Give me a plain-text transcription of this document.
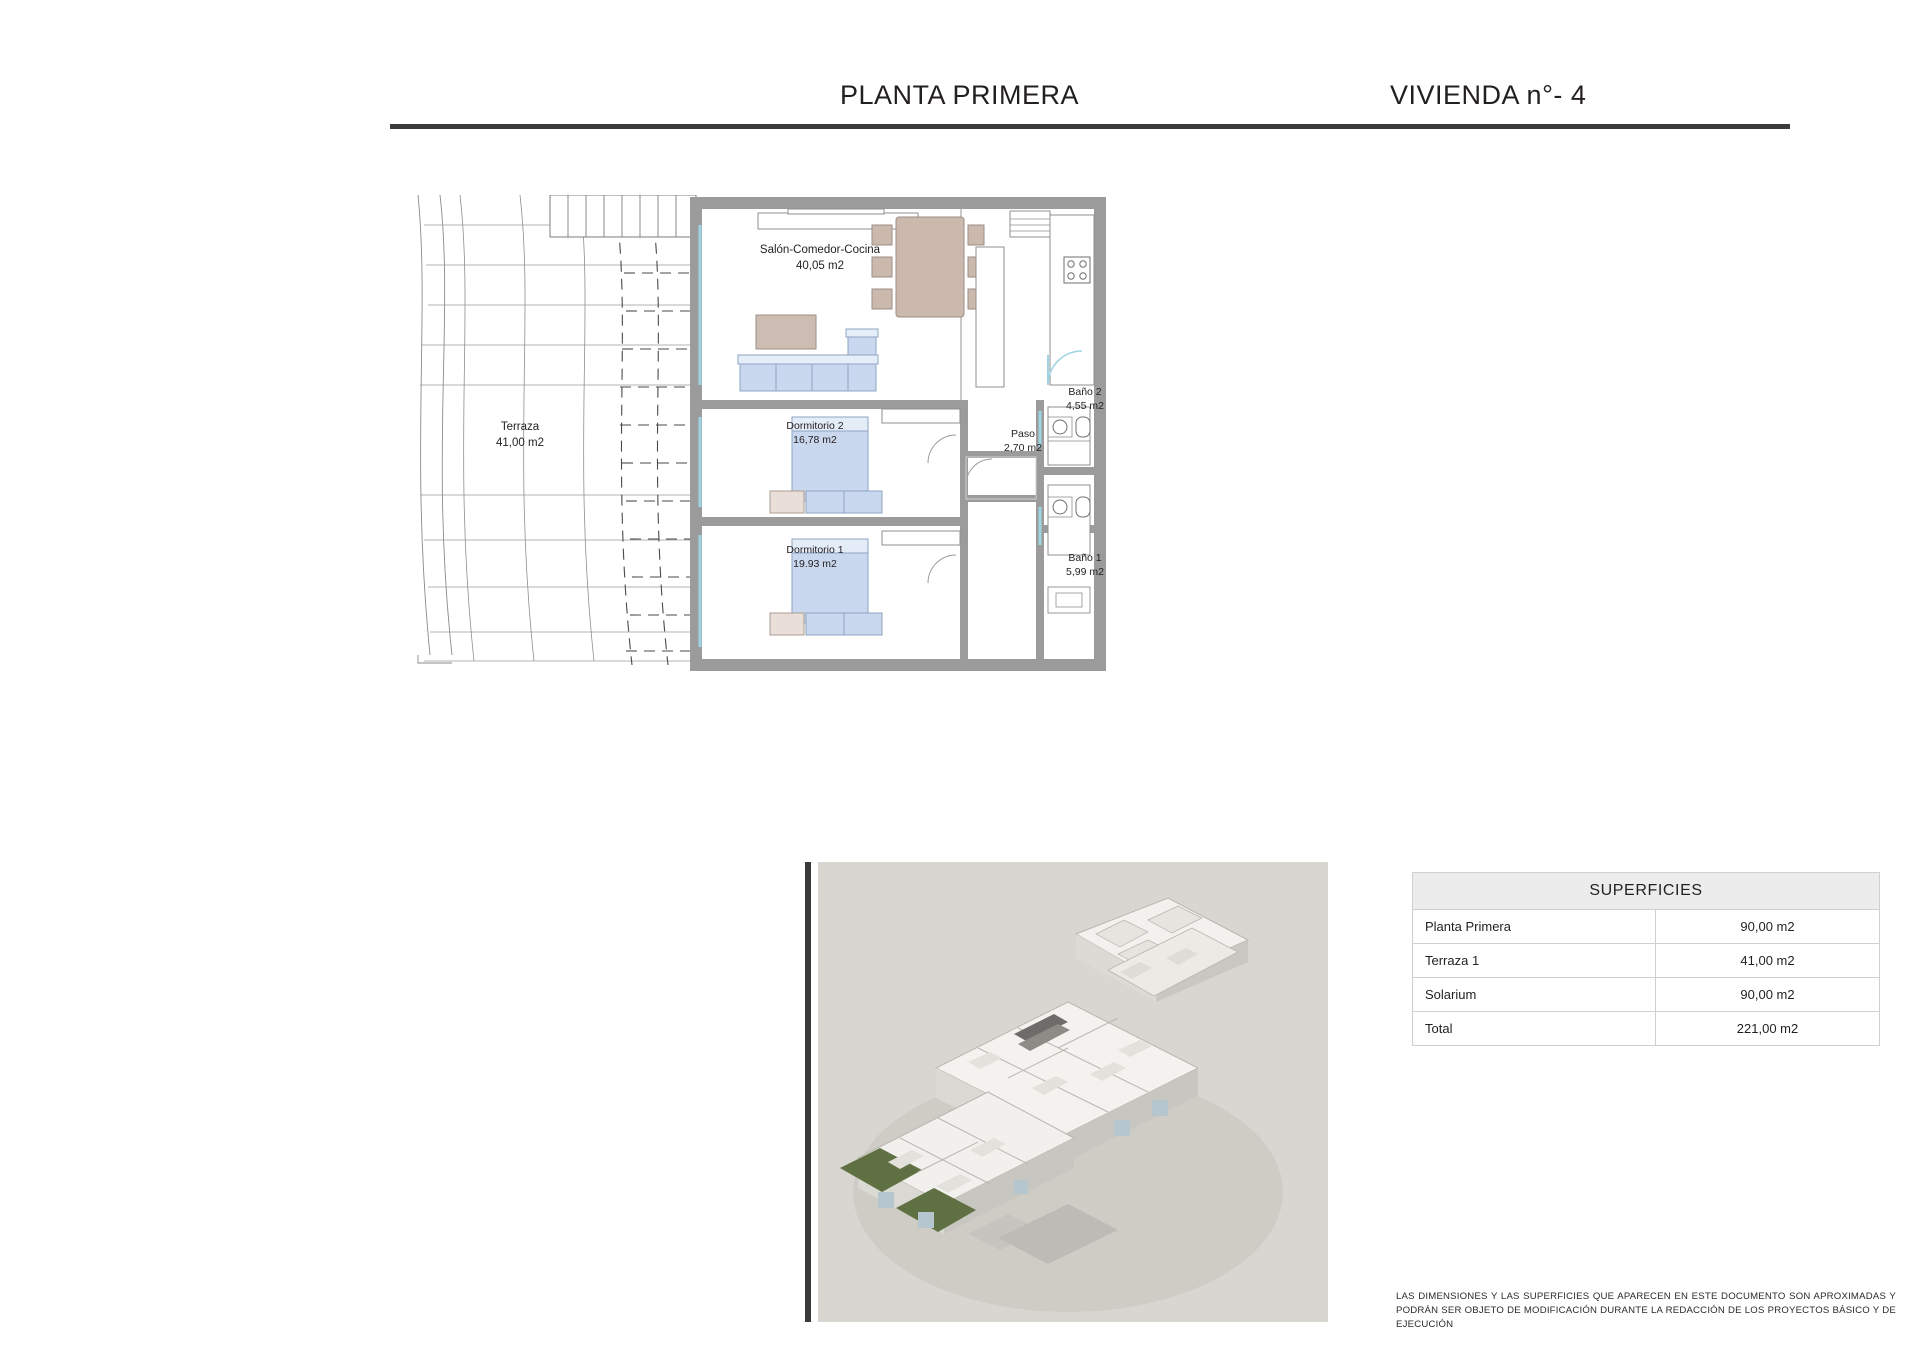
PLANTA PRIMERA	VIVIENDA n°- 4
Terraza
41,00 m2
Salón-Comedor-Cocina
40,05 m2
Dormitorio 2
16,78 m2
Dormitorio 1
19.93 m2
Paso
2,70 m2
Baño 2
4,55 m2
Baño 1
5,99 m2
SUPERFICIES	
Planta Primera	90,00 m2
Terraza 1	41,00 m2
Solarium	90,00 m2
Total	221,00 m2
LAS DIMENSIONES Y LAS SUPERFICIES QUE APARECEN EN ESTE DOCUMENTO SON APROXIMADAS Y PODRÁN SER OBJETO DE MODIFICACIÓN DURANTE LA REDACCIÓN DE LOS PROYECTOS BÁSICO Y DE EJECUCIÓN
